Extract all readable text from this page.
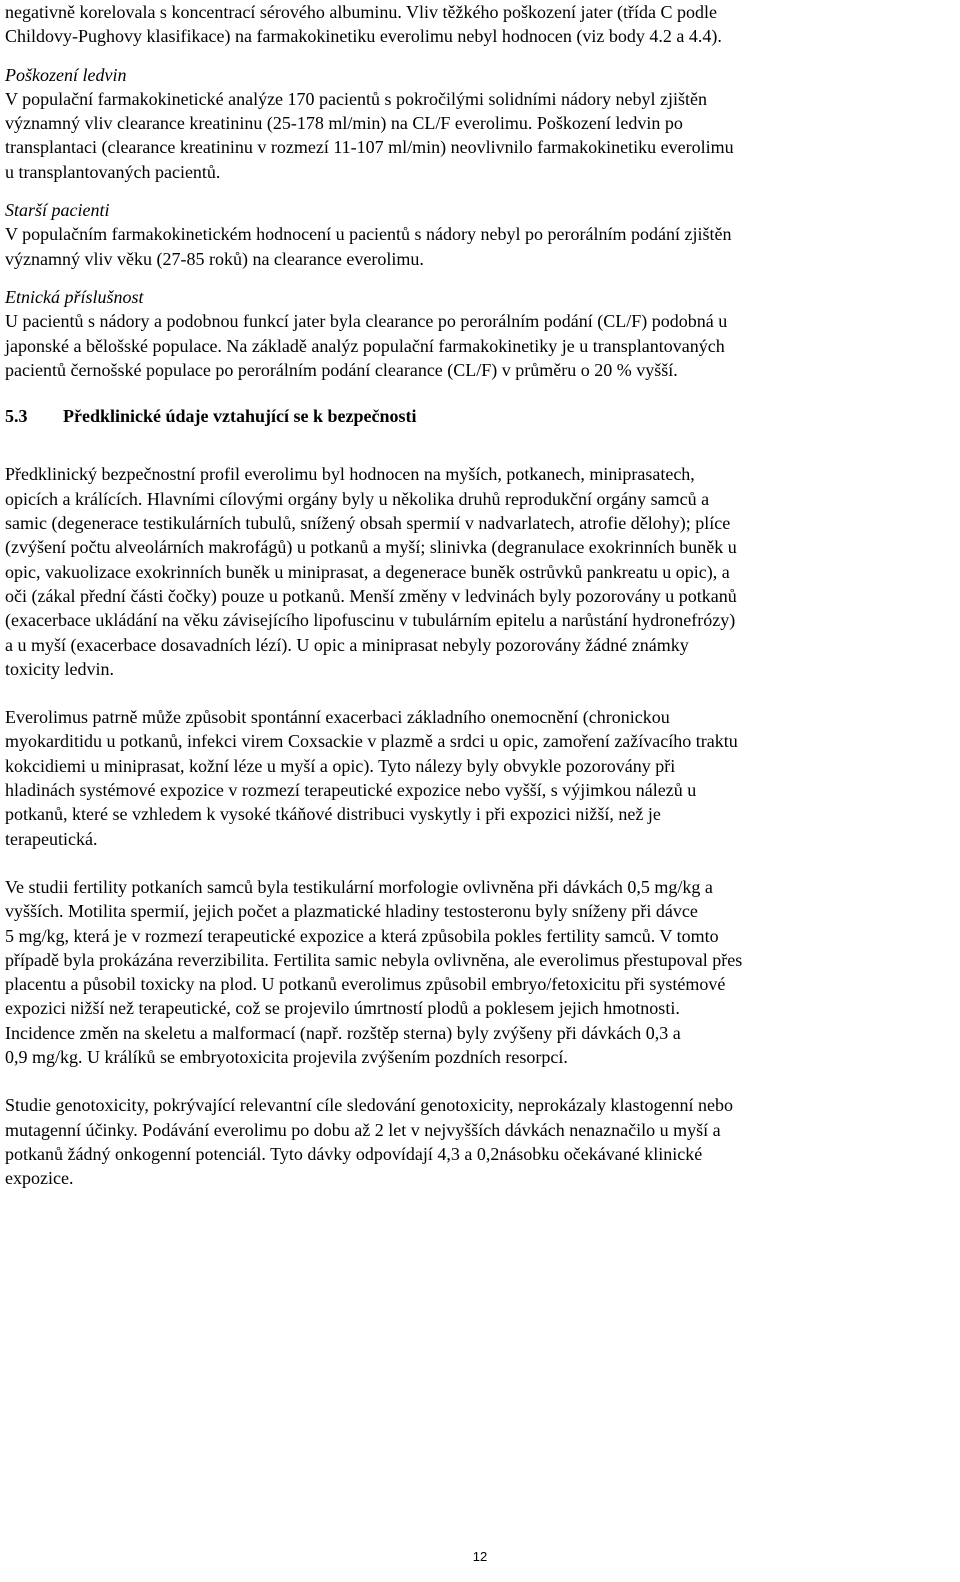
negativně korelovala s koncentrací sérového albuminu. Vliv těžkého poškození jater (třída C podle
Childovy-Pughovy klasifikace) na farmakokinetiku everolimu nebyl hodnocen (viz body 4.2 a 4.4).

Poškození ledvin
V populační farmakokinetické analýze 170 pacientů s pokročilými solidními nádory nebyl zjištěn
významný vliv clearance kreatininu (25-178 ml/min) na CL/F everolimu. Poškození ledvin po
transplantaci (clearance kreatininu v rozmezí 11-107 ml/min) neovlivnilo farmakokinetiku everolimu
u transplantovaných pacientů.

Starší pacienti
V populačním farmakokinetickém hodnocení u pacientů s nádory nebyl po perorálním podání zjištěn
významný vliv věku (27-85 roků) na clearance everolimu.

Etnická příslušnost
U pacientů s nádory a podobnou funkcí jater byla clearance po perorálním podání (CL/F) podobná u
japonské a bělošské populace. Na základě analýz populační farmakokinetiky je u transplantovaných
pacientů černošské populace po perorálním podání clearance (CL/F) v průměru o 20 % vyšší.

5.3	Předklinické údaje vztahující se k bezpečnosti

Předklinický bezpečnostní profil everolimu byl hodnocen na myších, potkanech, miniprasatech,
opicích a králících. Hlavními cílovými orgány byly u několika druhů reprodukční orgány samců a
samic (degenerace testikulárních tubulů, snížený obsah spermií v nadvarlatech, atrofie dělohy); plíce
(zvýšení počtu alveolárních makrofágů) u potkanů a myší; slinivka (degranulace exokrinních buněk u
opic, vakuolizace exokrinních buněk u miniprasat, a degenerace buněk ostrůvků pankreatu u opic), a
oči (zákal přední části čočky) pouze u potkanů. Menší změny v ledvinách byly pozorovány u potkanů
(exacerbace ukládání na věku závisejícího lipofuscinu v tubulárním epitelu a narůstání hydronefrózy)
a u myší (exacerbace dosavadních lézí). U opic a miniprasat nebyly pozorovány žádné známky
toxicity ledvin.

Everolimus patrně může způsobit spontánní exacerbaci základního onemocnění (chronickou
myokarditidu u potkanů, infekci virem Coxsackie v plazmě a srdci u opic, zamoření zažívacího traktu
kokcidiemi u miniprasat, kožní léze u myší a opic). Tyto nálezy byly obvykle pozorovány při
hladinách systémové expozice v rozmezí terapeutické expozice nebo vyšší, s výjimkou nálezů u
potkanů, které se vzhledem k vysoké tkáňové distribuci vyskytly i při expozici nižší, než je
terapeutická.

Ve studii fertility potkaních samců byla testikulární morfologie ovlivněna při dávkách 0,5 mg/kg a
vyšších. Motilita spermií, jejich počet a plazmatické hladiny testosteronu byly sníženy při dávce
5 mg/kg, která je v rozmezí terapeutické expozice a která způsobila pokles fertility samců. V tomto
případě byla prokázána reverzibilita. Fertilita samic nebyla ovlivněna, ale everolimus přestupoval přes
placentu a působil toxicky na plod. U potkanů everolimus způsobil embryo/fetoxicitu při systémové
expozici nižší než terapeutické, což se projevilo úmrtností plodů a poklesem jejich hmotnosti.
Incidence změn na skeletu a malformací (např. rozštěp sterna) byly zvýšeny při dávkách 0,3 a
0,9 mg/kg. U králíků se embryotoxicita projevila zvýšením pozdních resorpcí.

Studie genotoxicity, pokrývající relevantní cíle sledování genotoxicity, neprokázaly klastogenní nebo
mutagenní účinky. Podávání everolimu po dobu až 2 let v nejvyšších dávkách nenaznačilo u myší a
potkanů žádný onkogenní potenciál. Tyto dávky odpovídají 4,3 a 0,2násobku očekávané klinické
expozice.

12
